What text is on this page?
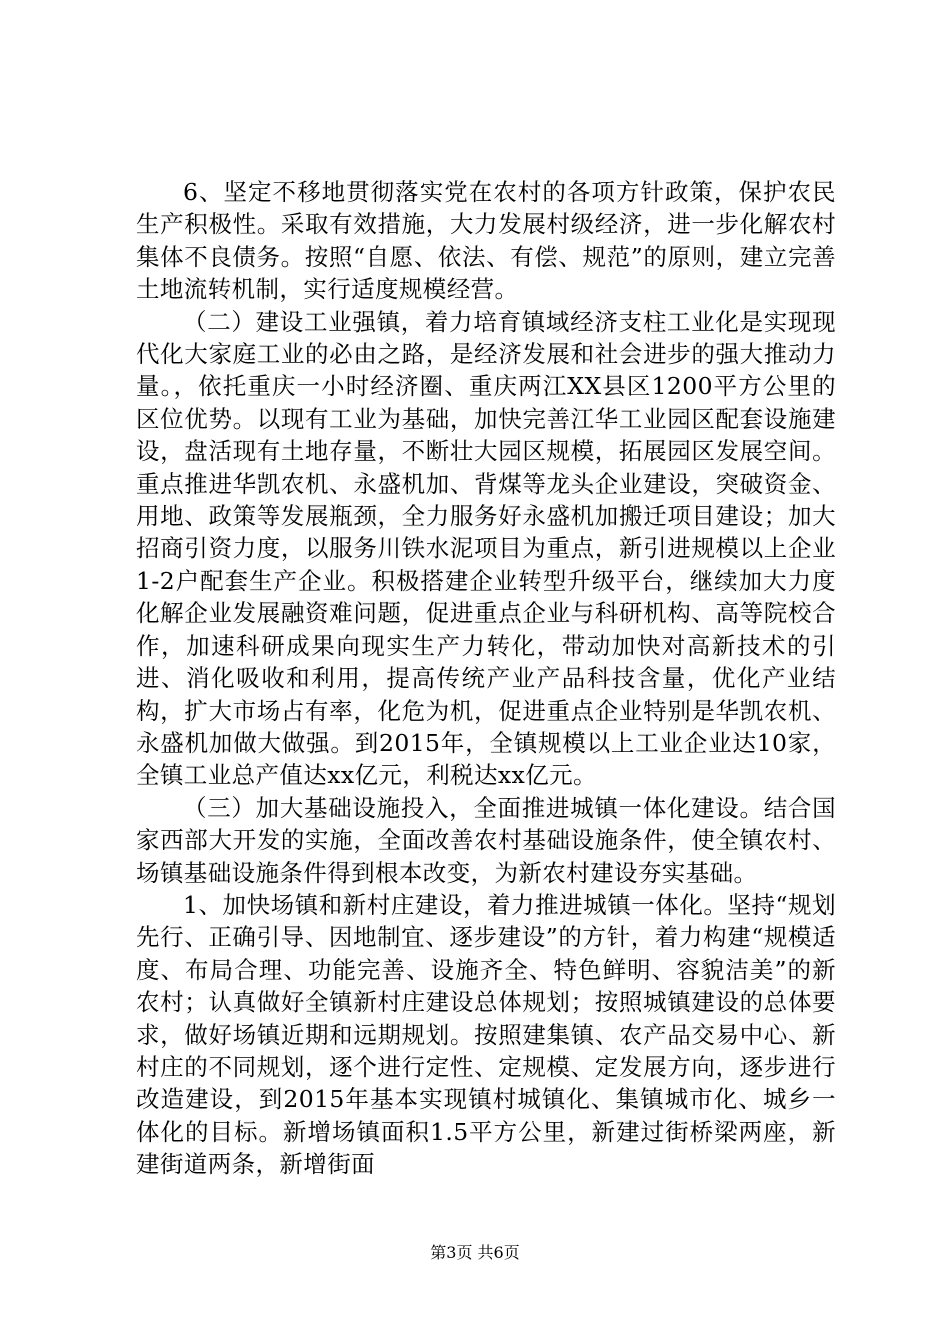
6、坚定不移地贯彻落实党在农村的各项方针政策，保护农民生产积极性。采取有效措施，大力发展村级经济，进一步化解农村集体不良债务。按照“自愿、依法、有偿、规范”的原则，建立完善土地流转机制，实行适度规模经营。

（二）建设工业强镇，着力培育镇域经济支柱工业化是实现现代化大家庭工业的必由之路，是经济发展和社会进步的强大推动力量。，依托重庆一小时经济圈、重庆两江XX县区1200平方公里的区位优势。以现有工业为基础，加快完善江华工业园区配套设施建设，盘活现有土地存量，不断壮大园区规模，拓展园区发展空间。重点推进华凯农机、永盛机加、背煤等龙头企业建设，突破资金、用地、政策等发展瓶颈，全力服务好永盛机加搬迁项目建设；加大招商引资力度，以服务川铁水泥项目为重点，新引进规模以上企业1-2户配套生产企业。积极搭建企业转型升级平台，继续加大力度化解企业发展融资难问题，促进重点企业与科研机构、高等院校合作，加速科研成果向现实生产力转化，带动加快对高新技术的引进、消化吸收和利用，提高传统产业产品科技含量，优化产业结构，扩大市场占有率，化危为机，促进重点企业特别是华凯农机、永盛机加做大做强。到2015年，全镇规模以上工业企业达10家，全镇工业总产值达xx亿元，利税达xx亿元。

（三）加大基础设施投入，全面推进城镇一体化建设。结合国家西部大开发的实施，全面改善农村基础设施条件，使全镇农村、场镇基础设施条件得到根本改变，为新农村建设夯实基础。

1、加快场镇和新村庄建设，着力推进城镇一体化。坚持“规划先行、正确引导、因地制宜、逐步建设”的方针，着力构建“规模适度、布局合理、功能完善、设施齐全、特色鲜明、容貌洁美”的新农村；认真做好全镇新村庄建设总体规划；按照城镇建设的总体要求，做好场镇近期和远期规划。按照建集镇、农产品交易中心、新村庄的不同规划，逐个进行定性、定规模、定发展方向，逐步进行改造建设，到2015年基本实现镇村城镇化、集镇城市化、城乡一体化的目标。新增场镇面积1.5平方公里，新建过街桥梁两座，新建街道两条，新增街面

第3页 共6页
